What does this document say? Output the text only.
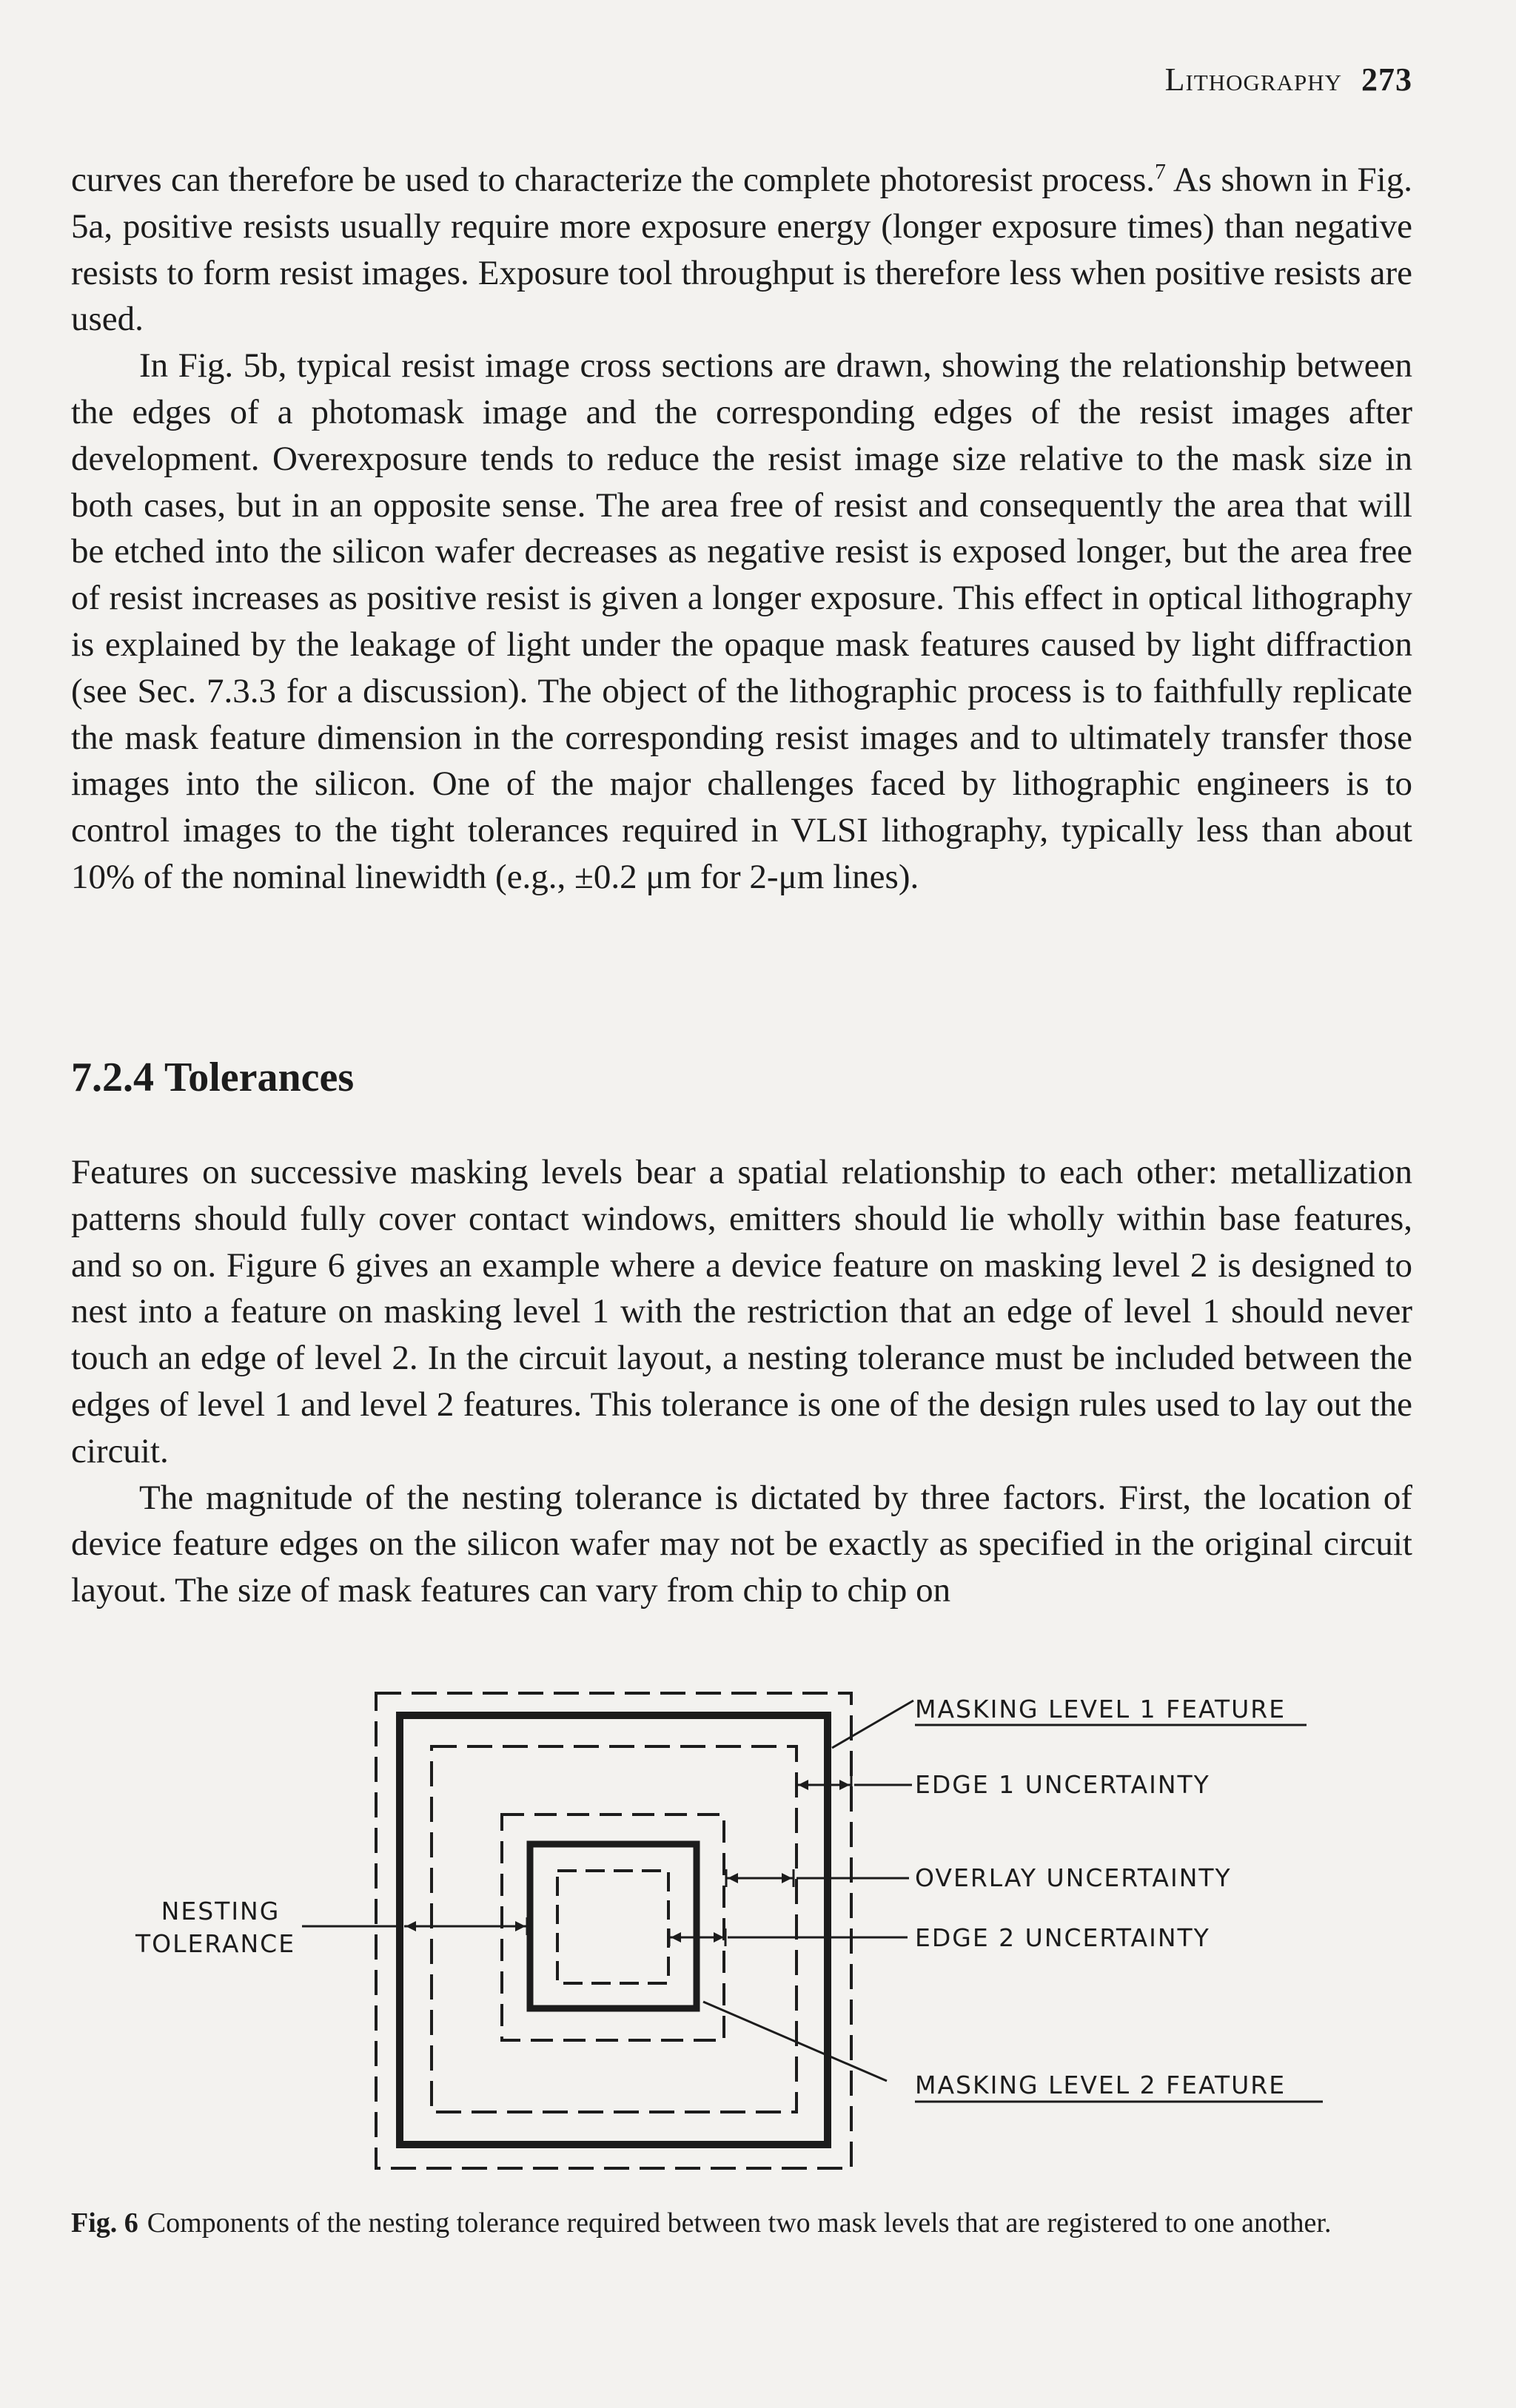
Lithography 273

curves can therefore be used to characterize the complete photoresist process.$^7$ As shown in Fig. 5a, positive resists usually require more exposure energy (longer exposure times) than negative resists to form resist images. Exposure tool throughput is therefore less when positive resists are used.

In Fig. 5b, typical resist image cross sections are drawn, showing the relationship between the edges of a photomask image and the corresponding edges of the resist images after development. Overexposure tends to reduce the resist image size relative to the mask size in both cases, but in an opposite sense. The area free of resist and consequently the area that will be etched into the silicon wafer decreases as negative resist is exposed longer, but the area free of resist increases as positive resist is given a longer exposure. This effect in optical lithography is explained by the leakage of light under the opaque mask features caused by light diffraction (see Sec. 7.3.3 for a discussion). The object of the lithographic process is to faithfully replicate the mask feature dimension in the corresponding resist images and to ultimately transfer those images into the silicon. One of the major challenges faced by lithographic engineers is to control images to the tight tolerances required in VLSI lithography, typically less than about 10% of the nominal linewidth (e.g., ±0.2 μm for 2-μm lines).

7.2.4 Tolerances

Features on successive masking levels bear a spatial relationship to each other: metallization patterns should fully cover contact windows, emitters should lie wholly within base features, and so on. Figure 6 gives an example where a device feature on masking level 2 is designed to nest into a feature on masking level 1 with the restriction that an edge of level 1 should never touch an edge of level 2. In the circuit layout, a nesting tolerance must be included between the edges of level 1 and level 2 features. This tolerance is one of the design rules used to lay out the circuit.

The magnitude of the nesting tolerance is dictated by three factors. First, the location of device feature edges on the silicon wafer may not be exactly as specified in the original circuit layout. The size of mask features can vary from chip to chip on

MASKING LEVEL 1 FEATURE
EDGE 1 UNCERTAINTY
OVERLAY UNCERTAINTY
EDGE 2 UNCERTAINTY
MASKING LEVEL 2 FEATURE
NESTING
TOLERANCE
Fig. 6 Components of the nesting tolerance required between two mask levels that are registered to one another.
